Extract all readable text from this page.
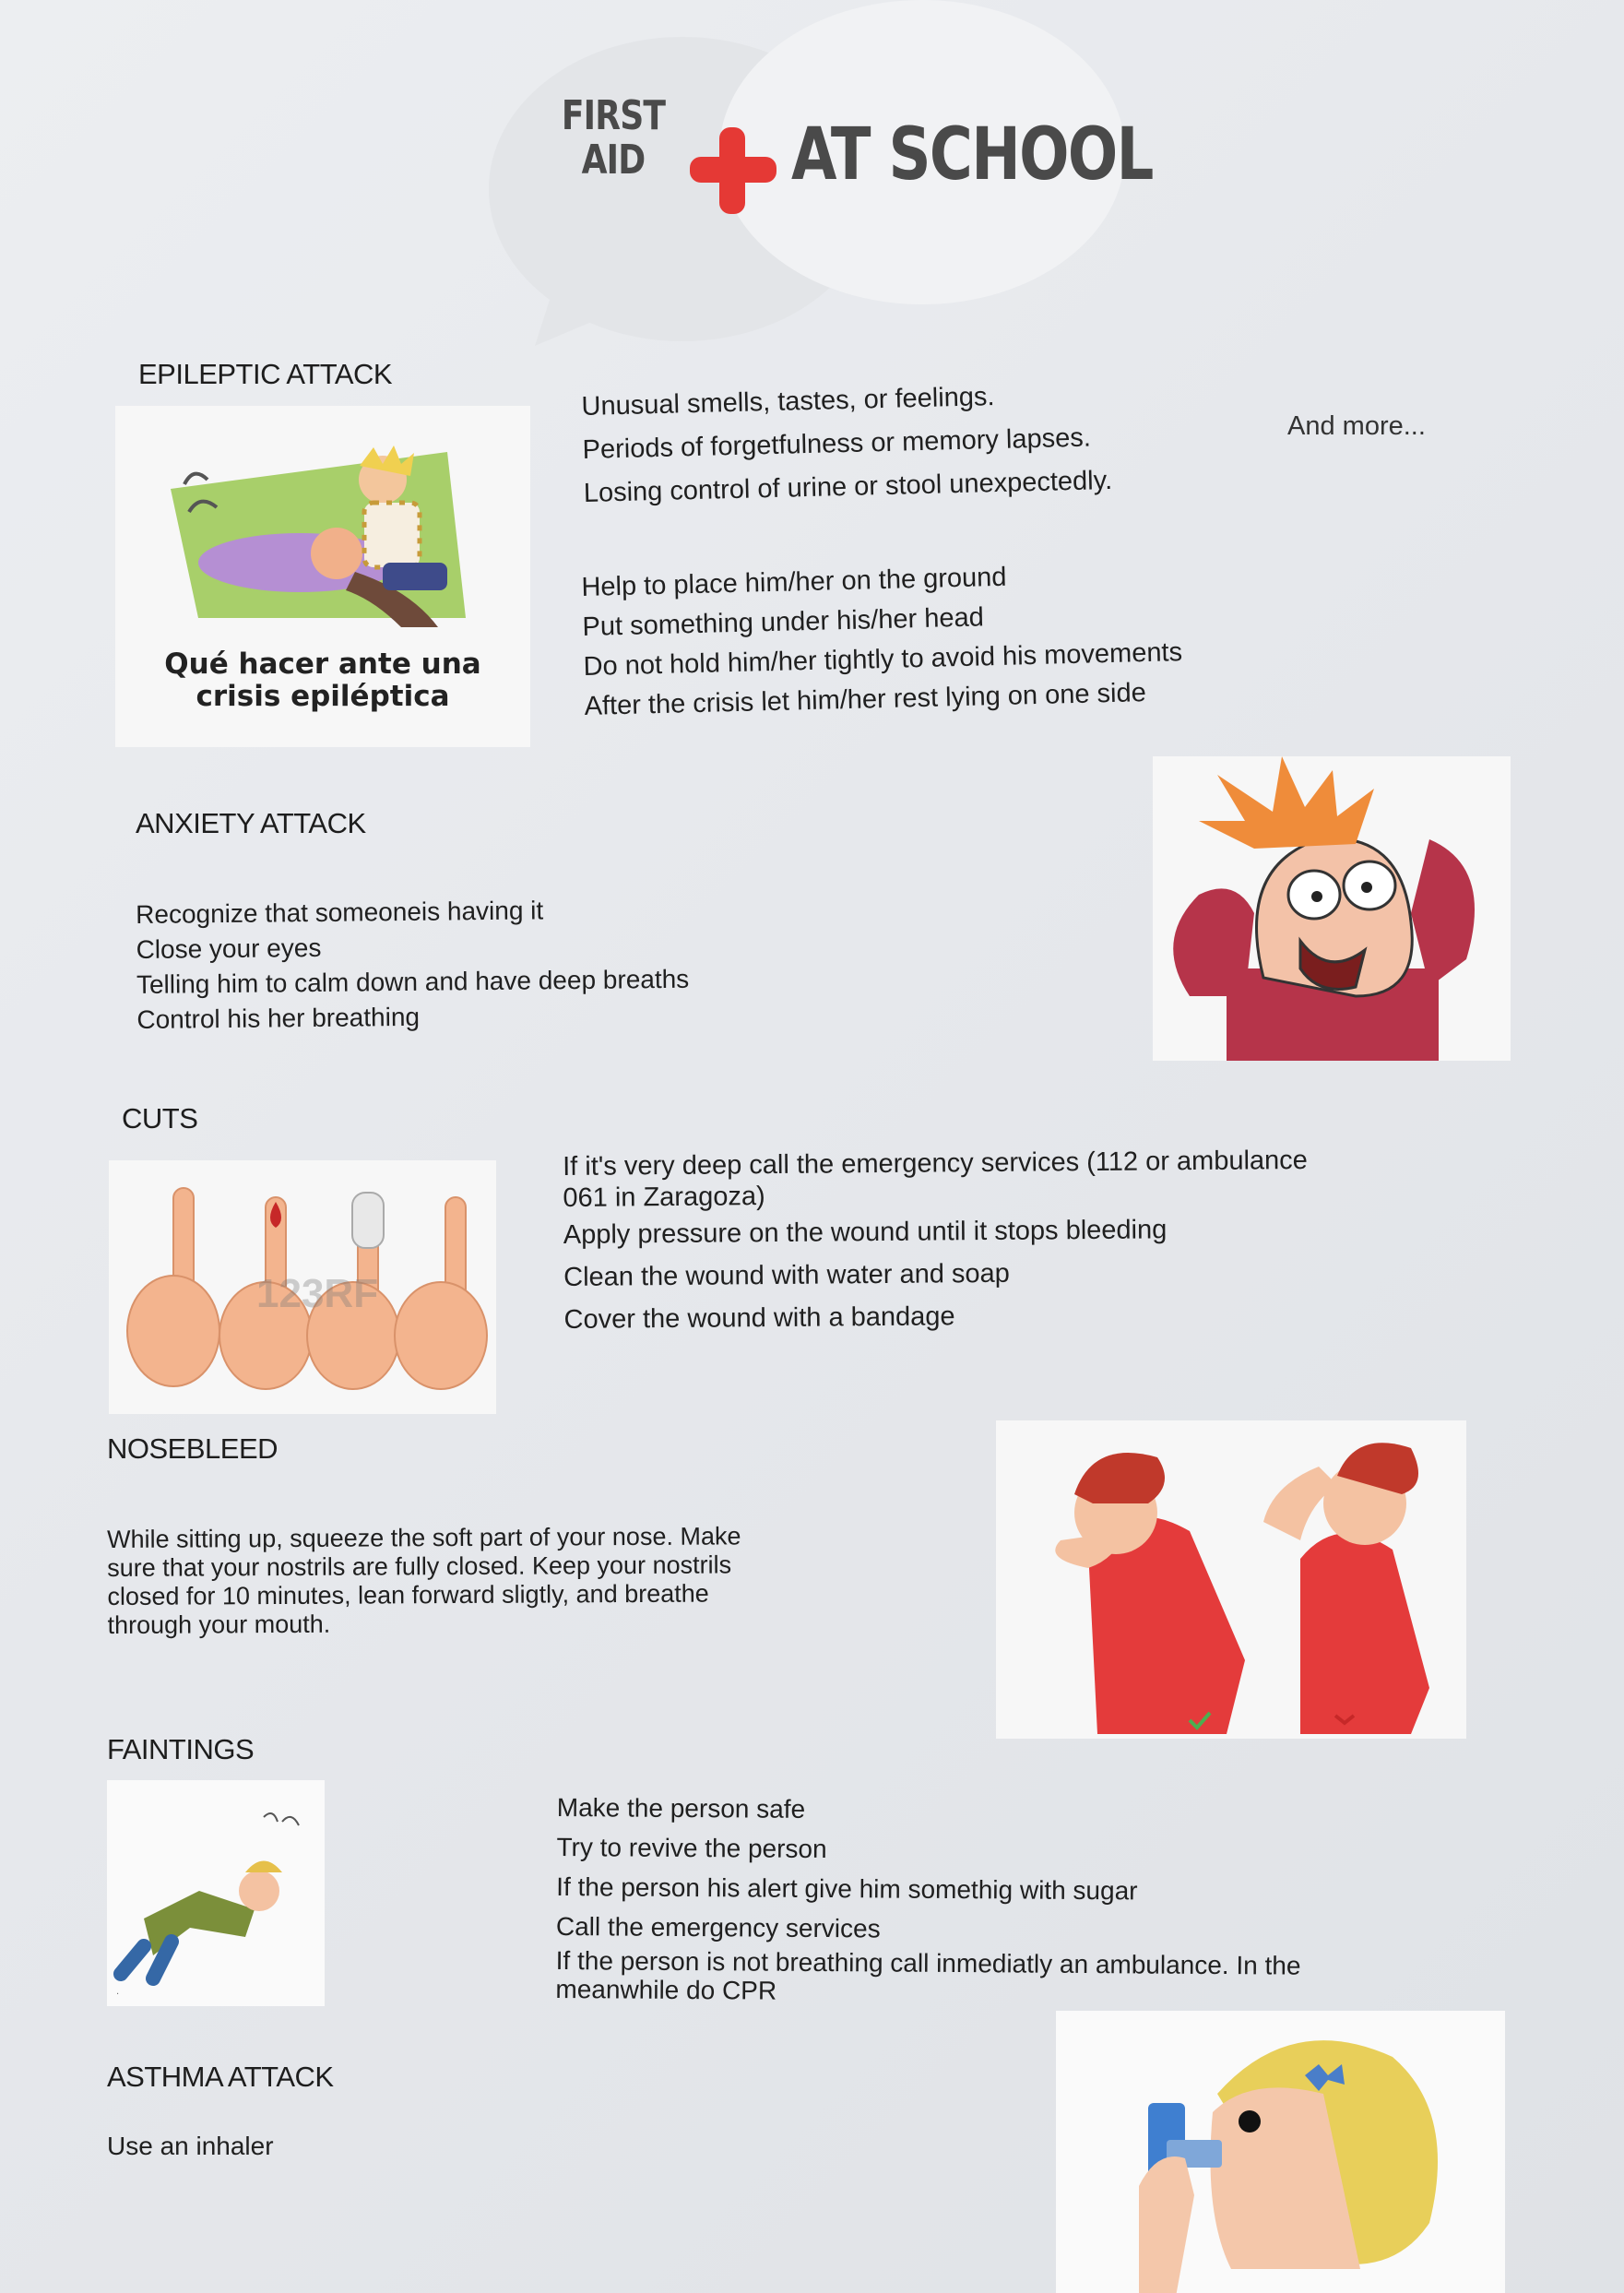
FIRST
AID	AT SCHOOL
EPILEPTIC ATTACK
Qué hacer ante una
crisis epiléptica
Unusual smells, tastes, or feelings.
Periods of forgetfulness or memory lapses.
Losing control of urine or stool unexpectedly.
And more...
Help to place him/her on the ground
Put something under his/her head
Do not hold him/her tightly to avoid his movements
After the crisis let him/her rest lying on one side
ANXIETY ATTACK
Recognize that someoneis having it
Close your eyes
Telling him to calm down and have deep breaths
Control his her breathing
CUTS
123RF
If it's very deep call the emergency services (112 or ambulance
061 in Zaragoza)
Apply pressure on the wound until it stops bleeding
Clean the wound with water and soap
Cover the wound with a bandage
NOSEBLEED
While sitting up, squeeze the soft part of your nose. Make
sure that your nostrils are fully closed. Keep your nostrils
closed for 10 minutes, lean forward sligtly, and breathe
through your mouth.
FAINTINGS
·
Make the person safe
Try to revive the person
If the person his alert give him somethig with sugar
Call the emergency services
If the person is not breathing call inmediatly an ambulance. In the
meanwhile do CPR
ASTHMA ATTACK
Use an inhaler
